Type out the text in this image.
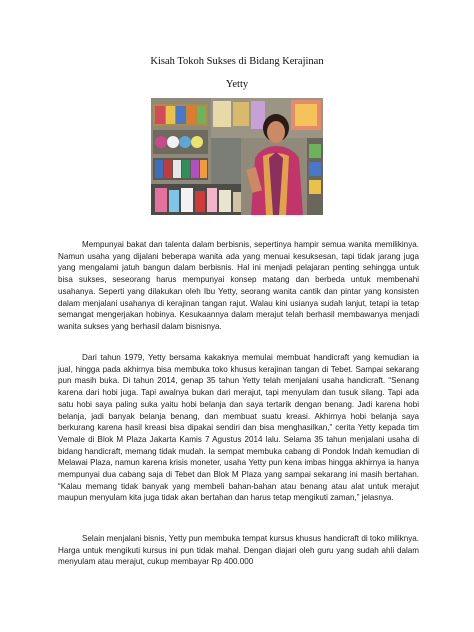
Kisah Tokoh Sukses di Bidang Kerajinan
Yetty

Mempunyai bakat dan talenta dalam berbisnis, sepertinya hampir semua wanita memilikinya. Namun usaha yang dijalani beberapa wanita ada yang menuai kesuksesan, tapi tidak jarang juga yang mengalami jatuh bangun dalam berbisnis. Hal ini menjadi pelajaran penting sehingga untuk bisa sukses, seseorang harus mempunyai konsep matang dan berbeda untuk membenahi usahanya. Seperti yang dilakukan oleh Ibu Yetty, seorang wanita cantik dan pintar yang konsisten dalam menjalani usahanya di kerajinan tangan rajut. Walau kini usianya sudah lanjut, tetapi ia tetap semangat mengerjakan hobinya. Kesukaannya dalam merajut telah berhasil membawanya menjadi wanita sukses yang berhasil dalam bisnisnya.

Dari tahun 1979, Yetty bersama kakaknya memulai membuat handicraft yang kemudian ia jual, hingga pada akhirnya bisa membuka toko khusus kerajinan tangan di Tebet. Sampai sekarang pun masih buka. Di tahun 2014, genap 35 tahun Yetty telah menjalani usaha handicraft. “Senang karena dari hobi juga. Tapi awalnya bukan dari merajut, tapi menyulam dan tusuk silang. Tapi ada satu hobi saya paling suka yaitu hobi belanja dan saya tertarik dengan benang. Jadi karena hobi belanja, jadi banyak belanja benang, dan membuat suatu kreasi. Akhirnya hobi belanja saya berkurang karena hasil kreasi bisa dipakai sendiri dan bisa menghasilkan,” cerita Yetty kepada tim Vemale di Blok M Plaza Jakarta Kamis 7 Agustus 2014 lalu. Selama 35 tahun menjalani usaha di bidang handicraft, memang tidak mudah. Ia sempat membuka cabang di Pondok Indah kemudian di Melawai Plaza, namun karena krisis moneter, usaha Yetty pun kena imbas hingga akhirnya ia hanya mempunyai dua cabang saja di Tebet dan Blok M Plaza yang sampai sekarang ini masih bertahan. “Kalau memang tidak banyak yang membeli bahan-bahan atau benang atau alat untuk merajut maupun menyulam kita juga tidak akan bertahan dan harus tetap mengikuti zaman,” jelasnya.

Selain menjalani bisnis, Yetty pun membuka tempat kursus khusus handicraft di toko miliknya. Harga untuk mengikuti kursus ini pun tidak mahal. Dengan diajari oleh guru yang sudah ahli dalam menyulam atau merajut, cukup membayar Rp 400.000
